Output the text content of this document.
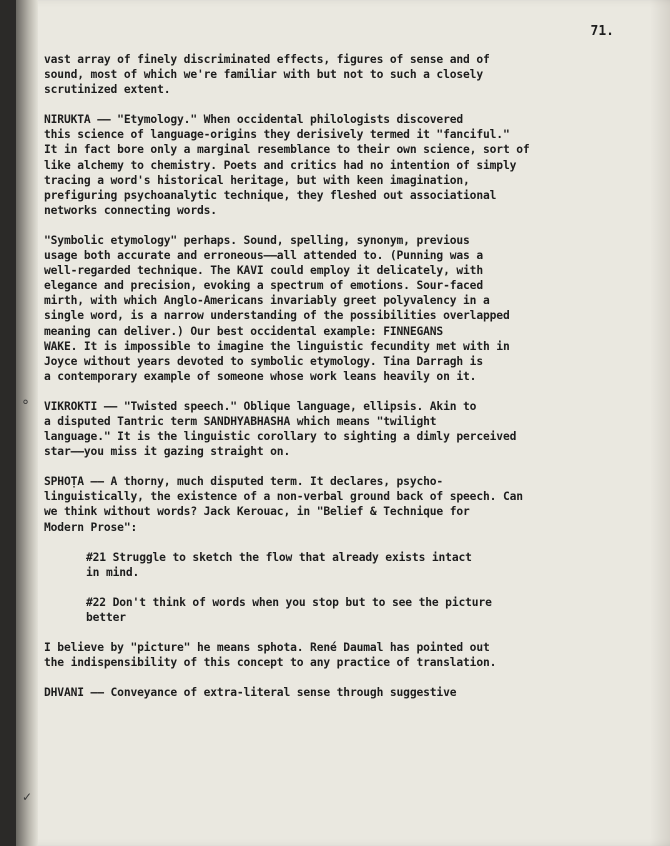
71.

vast array of finely discriminated effects, figures of sense and of
sound, most of which we're familiar with but not to such a closely
scrutinized extent.

NIRUKTA —— "Etymology." When occidental philologists discovered
this science of language-origins they derisively termed it "fanciful."
It in fact bore only a marginal resemblance to their own science, sort of
like alchemy to chemistry. Poets and critics had no intention of simply
tracing a word's historical heritage, but with keen imagination,
prefiguring psychoanalytic technique, they fleshed out associational
networks connecting words.

"Symbolic etymology" perhaps. Sound, spelling, synonym, previous
usage both accurate and erroneous——all attended to. (Punning was a
well-regarded technique. The KAVI could employ it delicately, with
elegance and precision, evoking a spectrum of emotions. Sour-faced
mirth, with which Anglo-Americans invariably greet polyvalency in a
single word, is a narrow understanding of the possibilities overlapped
meaning can deliver.) Our best occidental example: FINNEGANS
WAKE. It is impossible to imagine the linguistic fecundity met with in
Joyce without years devoted to symbolic etymology. Tina Darragh is
a contemporary example of someone whose work leans heavily on it.

VIKROKTI —— "Twisted speech." Oblique language, ellipsis. Akin to
a disputed Tantric term SANDHYABHASHA which means "twilight
language." It is the linguistic corollary to sighting a dimly perceived
star——you miss it gazing straight on.

SPHOṬA —— A thorny, much disputed term. It declares, psycho-
linguistically, the existence of a non-verbal ground back of speech. Can
we think without words? Jack Kerouac, in "Belief & Technique for
Modern Prose":

#21 Struggle to sketch the flow that already exists intact
in mind.

#22 Don't think of words when you stop but to see the picture
better

I believe by "picture" he means sphota. René Daumal has pointed out
the indispensibility of this concept to any practice of translation.

DHVANI —— Conveyance of extra-literal sense through suggestive

°
✓
